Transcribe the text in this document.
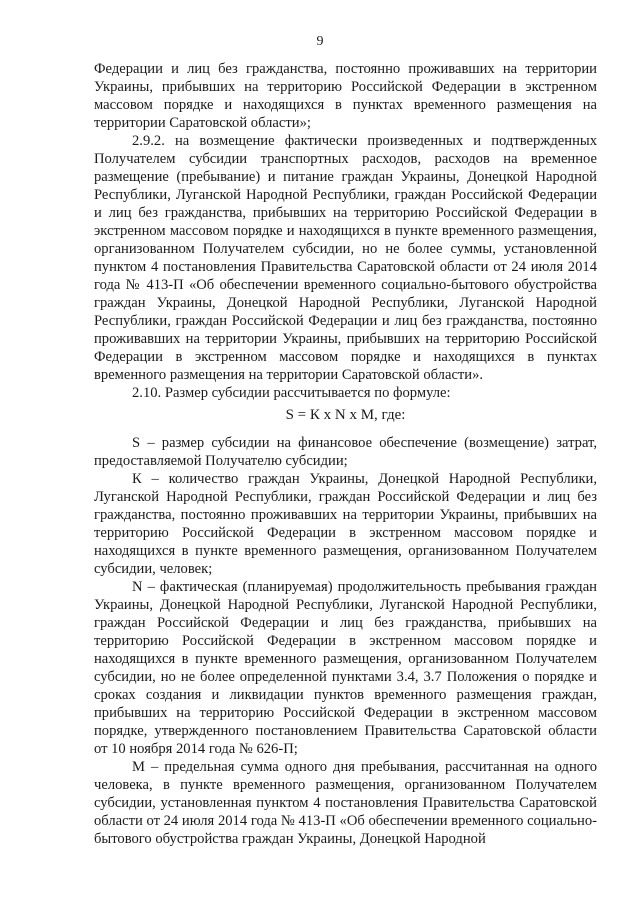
9

Федерации и лиц без гражданства, постоянно проживавших на территории Украины, прибывших на территорию Российской Федерации в экстренном массовом порядке и находящихся в пунктах временного размещения на территории Саратовской области»;

2.9.2. на возмещение фактически произведенных и подтвержденных Получателем субсидии транспортных расходов, расходов на временное размещение (пребывание) и питание граждан Украины, Донецкой Народной Республики, Луганской Народной Республики, граждан Российской Федерации и лиц без гражданства, прибывших на территорию Российской Федерации в экстренном массовом порядке и находящихся в пункте временного размещения, организованном Получателем субсидии, но не более суммы, установленной пунктом 4 постановления Правительства Саратовской области от 24 июля 2014 года № 413-П «Об обеспечении временного социально-бытового обустройства граждан Украины, Донецкой Народной Республики, Луганской Народной Республики, граждан Российской Федерации и лиц без гражданства, постоянно проживавших на территории Украины, прибывших на территорию Российской Федерации в экстренном массовом порядке и находящихся в пунктах временного размещения на территории Саратовской области».

2.10. Размер субсидии рассчитывается по формуле:

S = К x N x M, где:

S – размер субсидии на финансовое обеспечение (возмещение) затрат, предоставляемой Получателю субсидии;

К – количество граждан Украины, Донецкой Народной Республики, Луганской Народной Республики, граждан Российской Федерации и лиц без гражданства, постоянно проживавших на территории Украины, прибывших на территорию Российской Федерации в экстренном массовом порядке и находящихся в пункте временного размещения, организованном Получателем субсидии, человек;

N – фактическая (планируемая) продолжительность пребывания граждан Украины, Донецкой Народной Республики, Луганской Народной Республики, граждан Российской Федерации и лиц без гражданства, прибывших на территорию Российской Федерации в экстренном массовом порядке и находящихся в пункте временного размещения, организованном Получателем субсидии, но не более определенной пунктами 3.4, 3.7 Положения о порядке и сроках создания и ликвидации пунктов временного размещения граждан, прибывших на территорию Российской Федерации в экстренном массовом порядке, утвержденного постановлением Правительства Саратовской области от 10 ноября 2014 года № 626-П;

М – предельная сумма одного дня пребывания, рассчитанная на одного человека, в пункте временного размещения, организованном Получателем субсидии, установленная пунктом 4 постановления Правительства Саратовской области от 24 июля 2014 года № 413-П «Об обеспечении временного социально-бытового обустройства граждан Украины, Донецкой Народной
